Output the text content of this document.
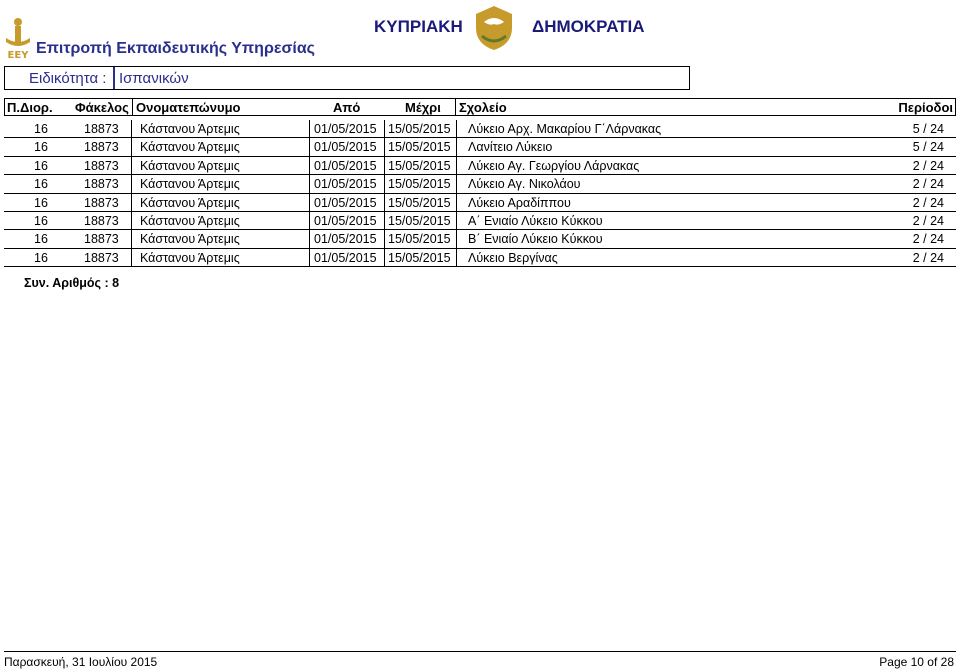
ΕΕΥ Επιτροπή Εκπαιδευτικής Υπηρεσίας
ΚΥΠΡΙΑΚΗ	ΔΗΜΟΚΡΑΤΙΑ
Ειδικότητα : Ισπανικών
Π.Διορ. Φάκελος Ονοματεπώνυμο	Από	Μέχρι Σχολείο	Περίοδοι
16	18873 Κάστανου Άρτεμις	01/05/2015 15/05/2015 Λύκειο Αρχ. Μακαρίου Γ΄Λάρνακας	5 / 24
16	18873 Κάστανου Άρτεμις	01/05/2015 15/05/2015 Λανίτειο Λύκειο	5 / 24
16	18873 Κάστανου Άρτεμις	01/05/2015 15/05/2015 Λύκειο Αγ. Γεωργίου Λάρνακας	2 / 24
16	18873 Κάστανου Άρτεμις	01/05/2015 15/05/2015 Λύκειο Αγ. Νικολάου	2 / 24
16	18873 Κάστανου Άρτεμις	01/05/2015 15/05/2015 Λύκειο Αραδίππου	2 / 24
16	18873 Κάστανου Άρτεμις	01/05/2015 15/05/2015 Α΄ Ενιαίο Λύκειο Κύκκου	2 / 24
16	18873 Κάστανου Άρτεμις	01/05/2015 15/05/2015 Β΄ Ενιαίο Λύκειο Κύκκου	2 / 24
16	18873 Κάστανου Άρτεμις	01/05/2015 15/05/2015 Λύκειο Βεργίνας	2 / 24
Συν. Αριθμός : 8
Παρασκευή, 31 Ιουλίου 2015	Page 10 of 28
